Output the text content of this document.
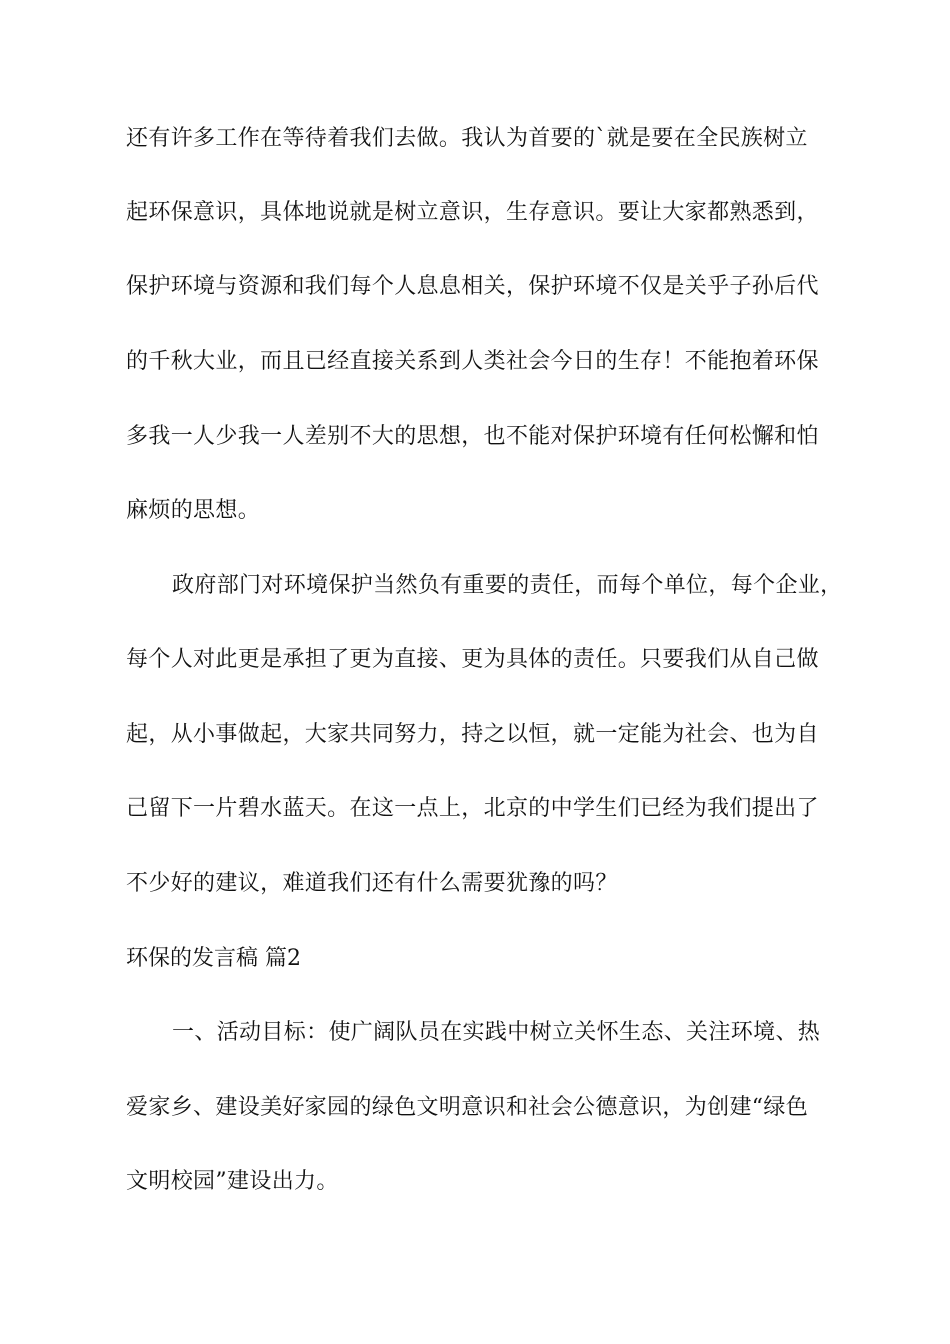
还有许多工作在等待着我们去做。我认为首要的`就是要在全民族树立
起环保意识，具体地说就是树立意识，生存意识。要让大家都熟悉到，
保护环境与资源和我们每个人息息相关，保护环境不仅是关乎子孙后代
的千秋大业，而且已经直接关系到人类社会今日的生存！不能抱着环保
多我一人少我一人差别不大的思想，也不能对保护环境有任何松懈和怕
麻烦的思想。
政府部门对环境保护当然负有重要的责任，而每个单位，每个企业，
每个人对此更是承担了更为直接、更为具体的责任。只要我们从自己做
起，从小事做起，大家共同努力，持之以恒，就一定能为社会、也为自
己留下一片碧水蓝天。在这一点上，北京的中学生们已经为我们提出了
不少好的建议，难道我们还有什么需要犹豫的吗？
环保的发言稿 篇2
一、活动目标：使广阔队员在实践中树立关怀生态、关注环境、热
爱家乡、建设美好家园的绿色文明意识和社会公德意识，为创建“绿色
文明校园”建设出力。
